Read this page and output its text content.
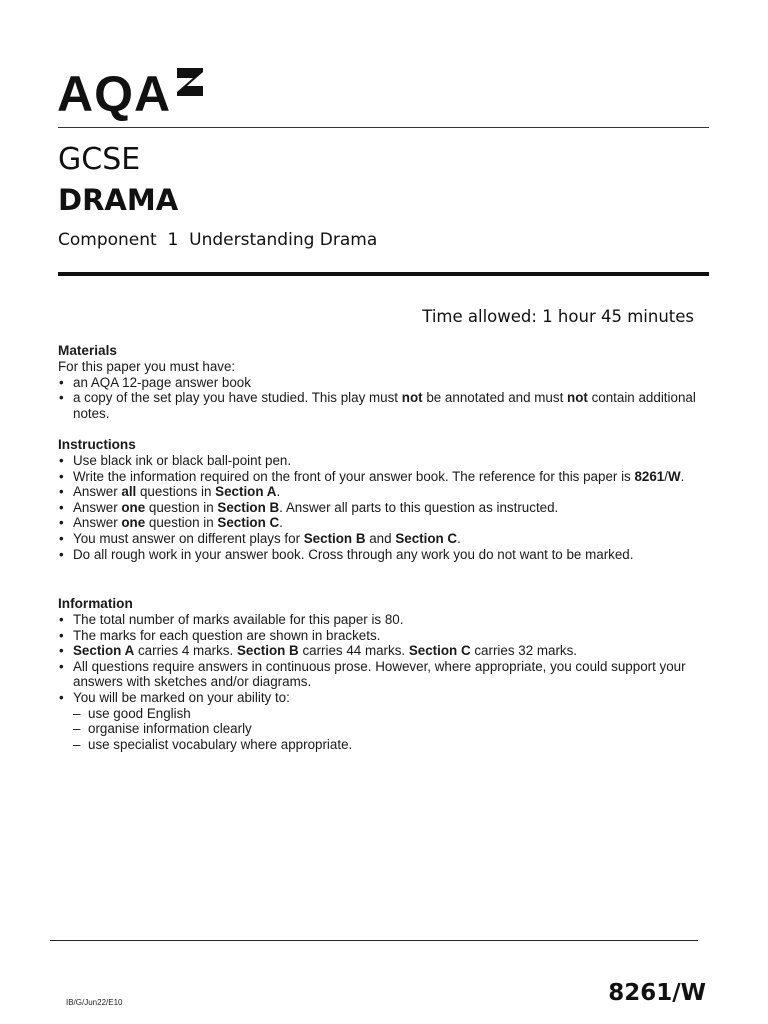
AQA
GCSE
DRAMA
Component  1  Understanding Drama
Time allowed: 1 hour 45 minutes
Materials

For this paper you must have:

• an AQA 12-page answer book
• a copy of the set play you have studied. This play must not be annotated and must not contain additional notes.
Instructions
• Use black ink or black ball-point pen.
• Write the information required on the front of your answer book. The reference for this paper is 8261/W.
• Answer all questions in Section A.
• Answer one question in Section B. Answer all parts to this question as instructed.
• Answer one question in Section C.
• You must answer on different plays for Section B and Section C.
• Do all rough work in your answer book. Cross through any work you do not want to be marked.
Information
• The total number of marks available for this paper is 80.
• The marks for each question are shown in brackets.
• Section A carries 4 marks. Section B carries 44 marks. Section C carries 32 marks.
• All questions require answers in continuous prose. However, where appropriate, you could support your answers with sketches and/or diagrams.
• You will be marked on your ability to:
– use good English
– organise information clearly
– use specialist vocabulary where appropriate.
IB/G/Jun22/E10	8261/W
